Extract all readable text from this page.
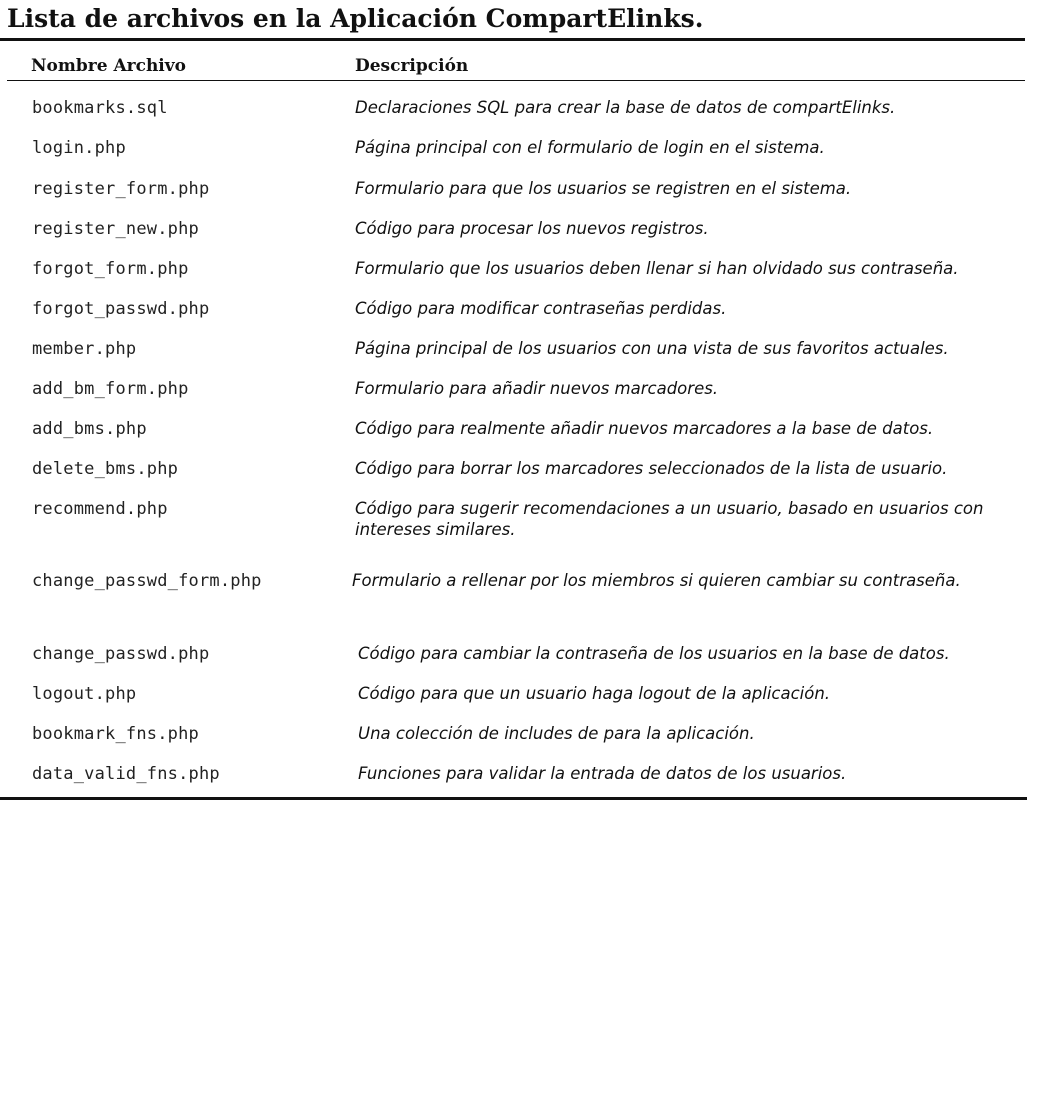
Lista de archivos en la Aplicación CompartElinks.
Nombre Archivo	Descripción
bookmarks.sql	Declaraciones SQL para crear la base de datos de compartElinks.
login.php	Página principal con el formulario de login en el sistema.
register_form.php	Formulario para que los usuarios se registren en el sistema.
register_new.php	Código para procesar los nuevos registros.
forgot_form.php	Formulario que los usuarios deben llenar si han olvidado sus contraseña.
forgot_passwd.php	Código para modificar contraseñas perdidas.
member.php	Página principal de los usuarios con una vista de sus favoritos actuales.
add_bm_form.php	Formulario para añadir nuevos marcadores.
add_bms.php	Código para realmente añadir nuevos marcadores a la base de datos.
delete_bms.php	Código para borrar los marcadores seleccionados de la lista de usuario.
recommend.php	Código para sugerir recomendaciones a un usuario, basado en usuarios con intereses similares.
change_passwd_form.php	Formulario a rellenar por los miembros si quieren cambiar su contraseña.
change_passwd.php	Código para cambiar la contraseña de los usuarios en la base de datos.
logout.php	Código para que un usuario haga logout de la aplicación.
bookmark_fns.php	Una colección de includes de para la aplicación.
data_valid_fns.php	Funciones para validar la entrada de datos de los usuarios.
